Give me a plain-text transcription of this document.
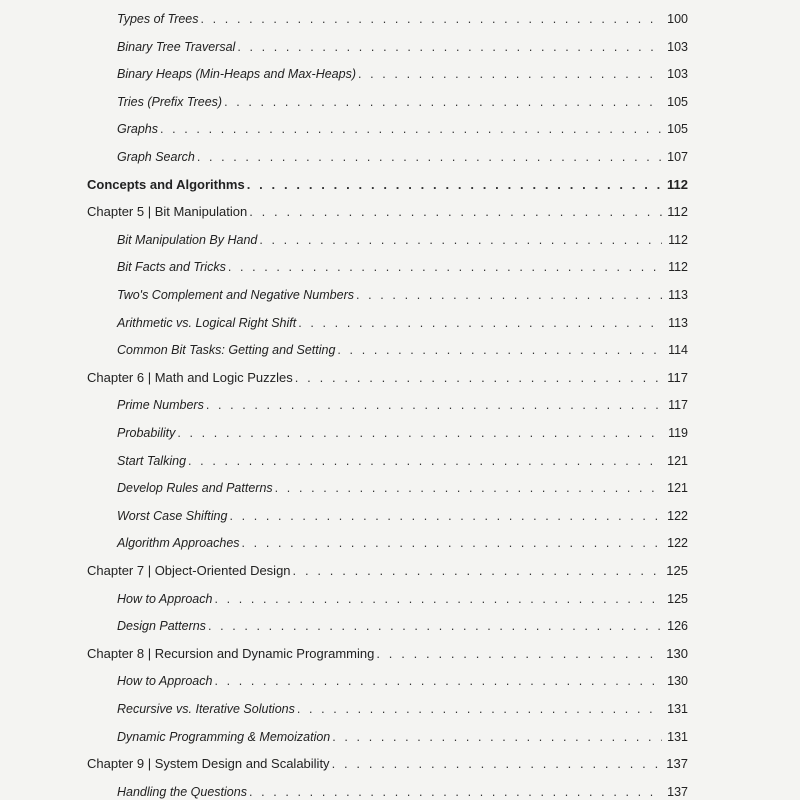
Types of Trees . . .	100
Binary Tree Traversal . . .	103
Binary Heaps (Min-Heaps and Max-Heaps) . . .	103
Tries (Prefix Trees) . . .	105
Graphs . . .	105
Graph Search . . .	107
Concepts and Algorithms . . .	112
Chapter 5 | Bit Manipulation . . .	112
Bit Manipulation By Hand . . .	112
Bit Facts and Tricks . . .	112
Two's Complement and Negative Numbers . . .	113
Arithmetic vs. Logical Right Shift . . .	113
Common Bit Tasks: Getting and Setting . . .	114
Chapter 6 | Math and Logic Puzzles . . .	117
Prime Numbers . . .	117
Probability . . .	119
Start Talking . . .	121
Develop Rules and Patterns . . .	121
Worst Case Shifting . . .	122
Algorithm Approaches . . .	122
Chapter 7 | Object-Oriented Design . . .	125
How to Approach . . .	125
Design Patterns . . .	126
Chapter 8 | Recursion and Dynamic Programming . . .	130
How to Approach . . .	130
Recursive vs. Iterative Solutions . . .	131
Dynamic Programming & Memoization . . .	131
Chapter 9 | System Design and Scalability . . .	137
Handling the Questions . . .	137
